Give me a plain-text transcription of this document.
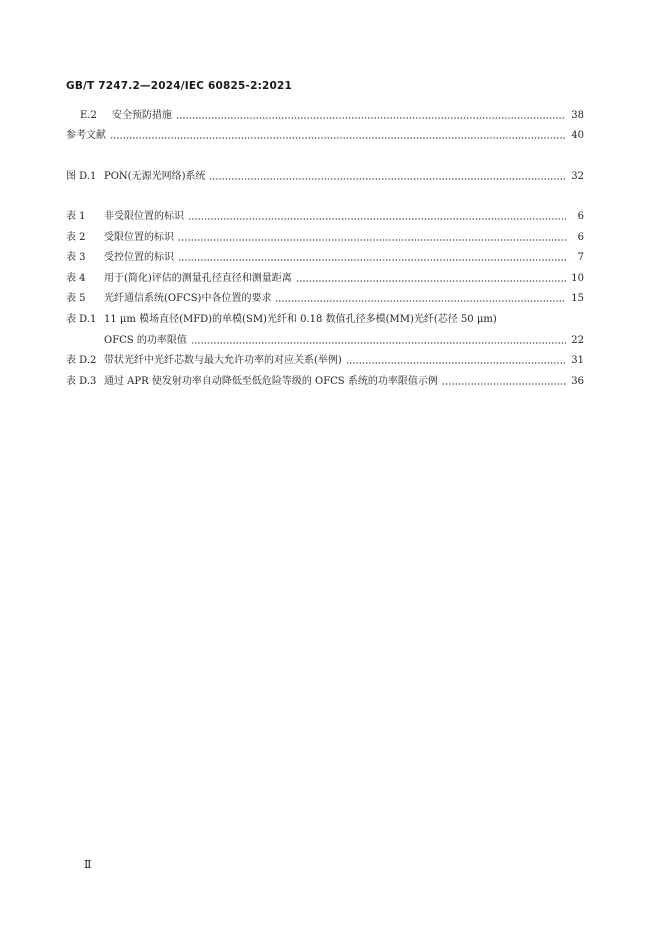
GB/T 7247.2—2024/IEC 60825-2:2021
E.2	安全预防措施	38
参考文献	40
图 D.1 PON(无源光网络)系统	32
表 1	非受限位置的标识	6
表 2	受限位置的标识	6
表 3	受控位置的标识	7
表 4	用于(简化)评估的测量孔径直径和测量距离	10
表 5	光纤通信系统(OFCS)中各位置的要求	15
表 D.1 11 μm 模场直径(MFD)的单模(SM)光纤和 0.18 数值孔径多模(MM)光纤(芯径 50 μm)
OFCS 的功率限值	22
表 D.2 带状光纤中光纤芯数与最大允许功率的对应关系(举例)	31
表 D.3 通过 APR 使发射功率自动降低至低危险等级的 OFCS 系统的功率限值示例	36
Ⅱ
